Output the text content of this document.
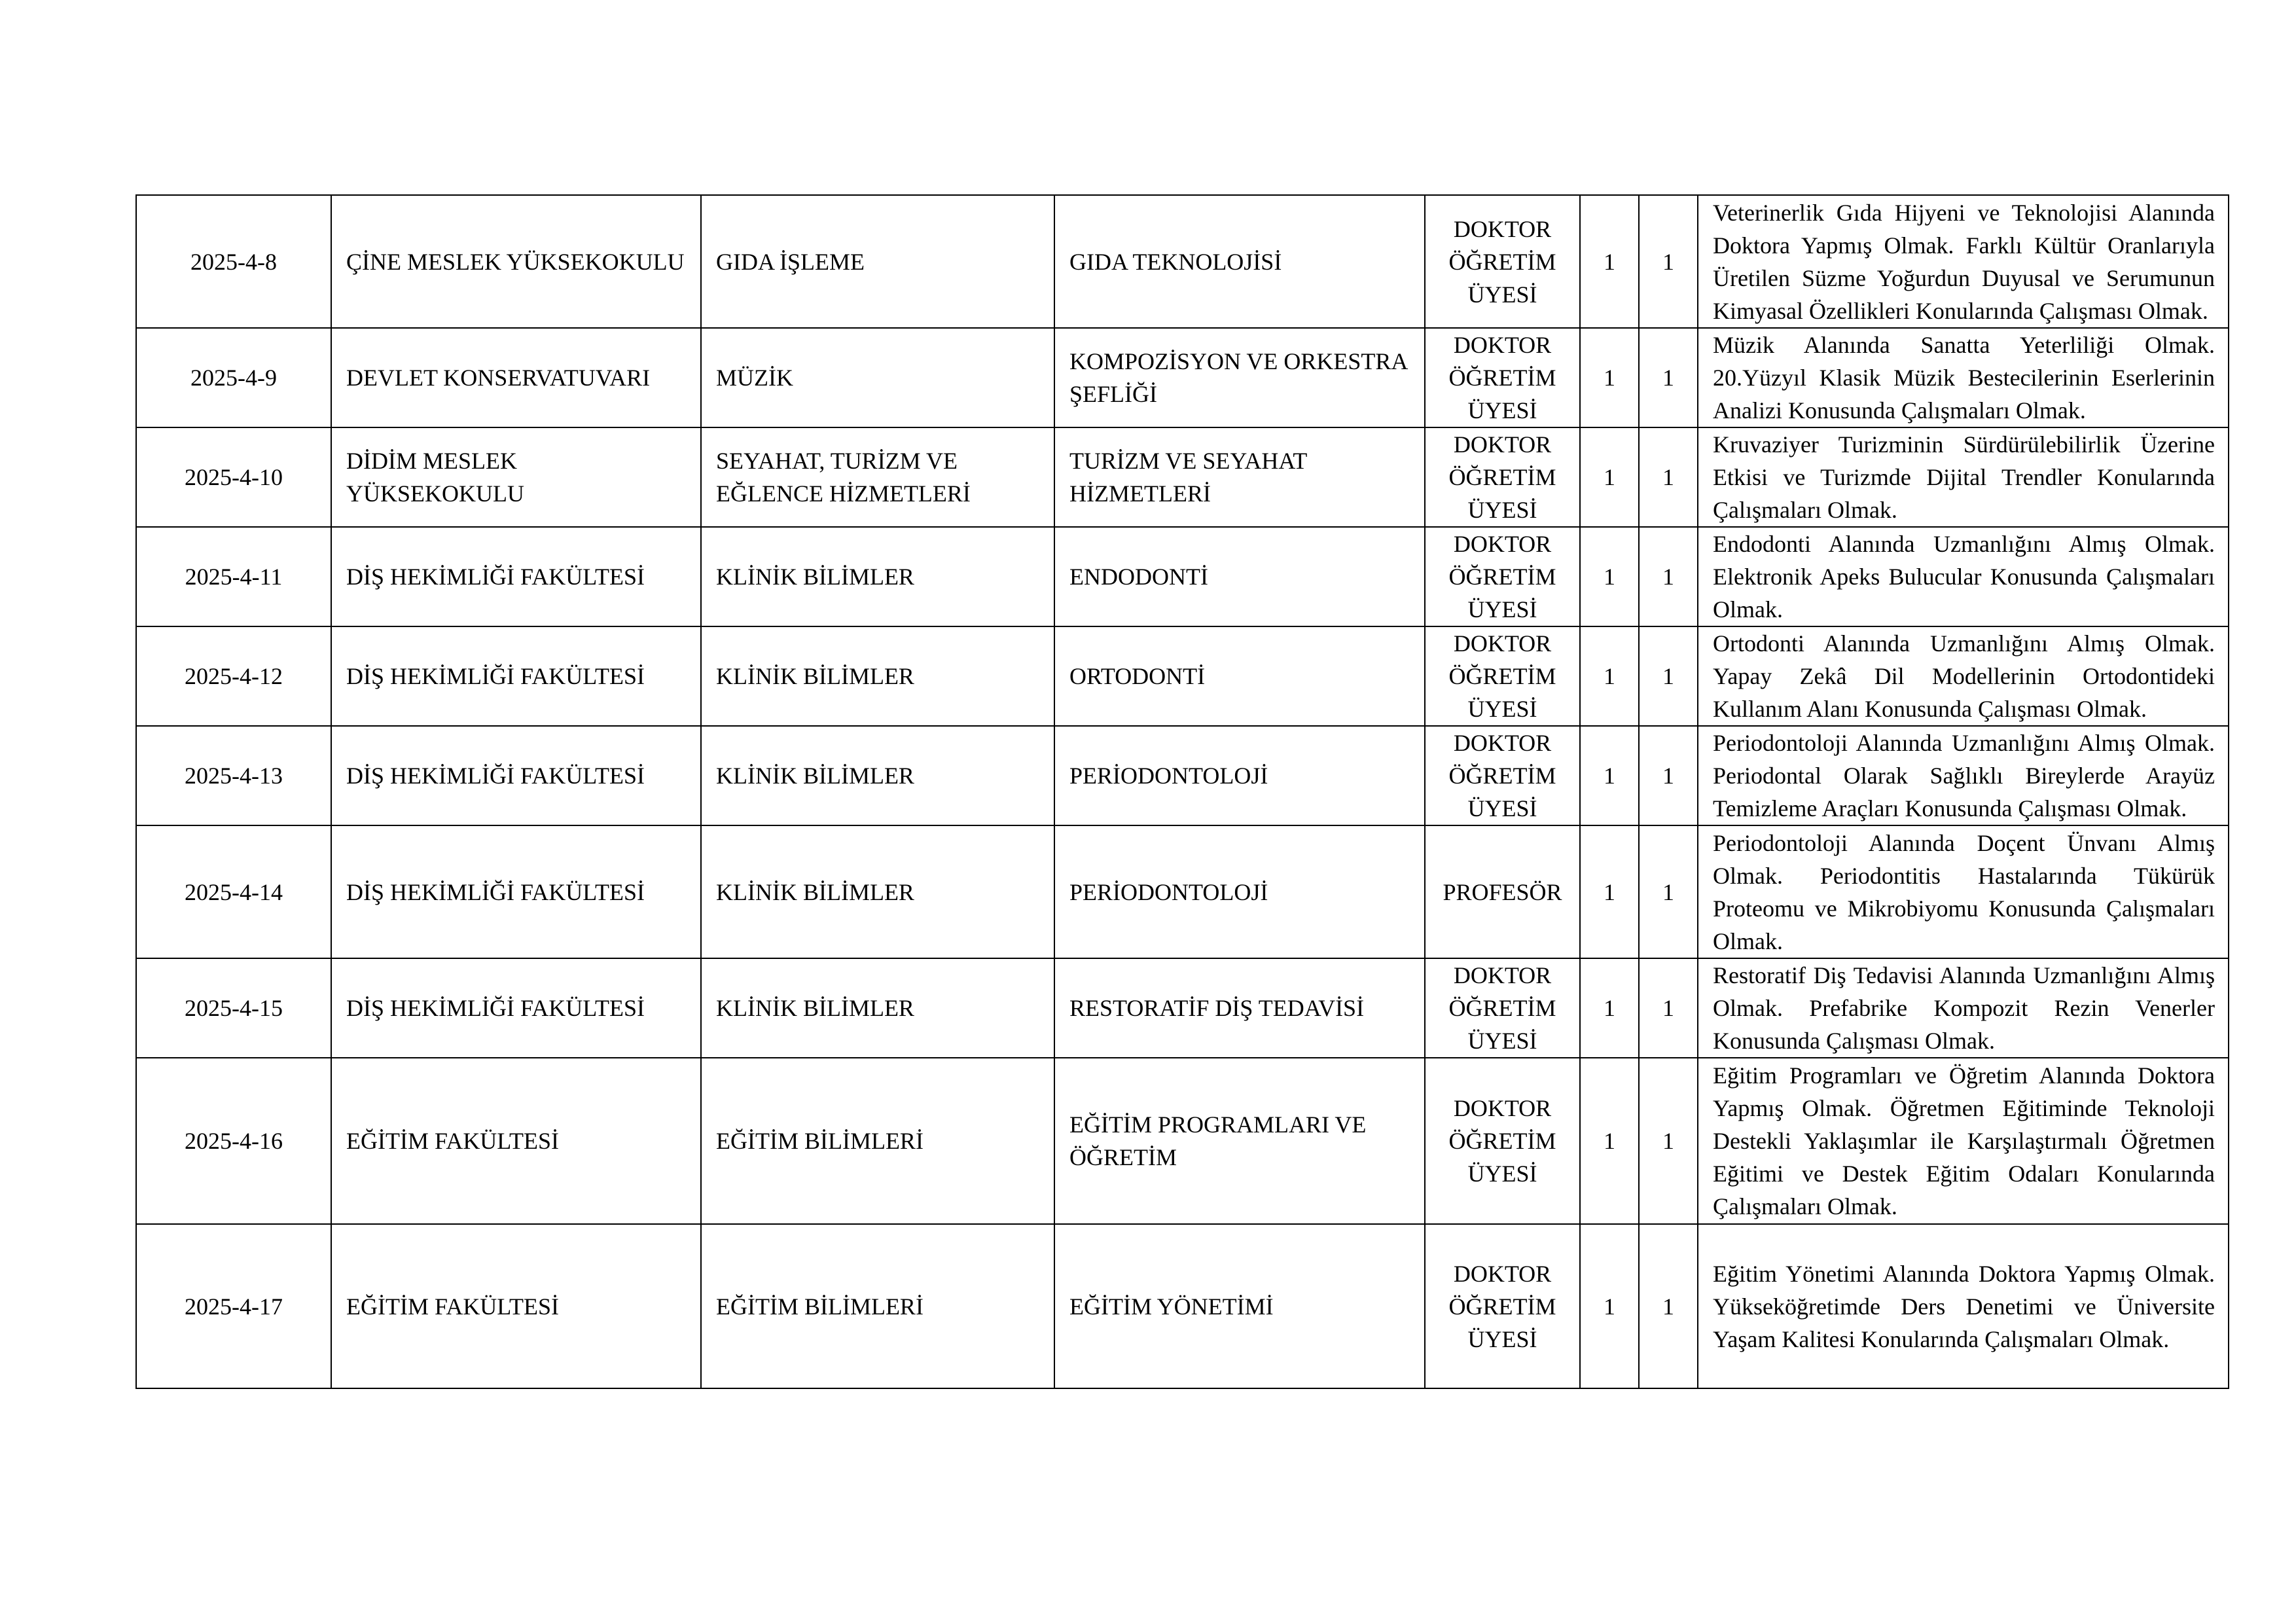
2025-4-8	ÇİNE MESLEK YÜKSEKOKULU	GIDA İŞLEME	GIDA TEKNOLOJİSİ	DOKTOR ÖĞRETİM ÜYESİ	1	1	Veterinerlik Gıda Hijyeni ve Teknolojisi Alanında Doktora Yapmış Olmak. Farklı Kültür Oranlarıyla Üretilen Süzme Yoğurdun Duyusal ve Serumunun Kimyasal Özellikleri Konularında Çalışması Olmak.
2025-4-9	DEVLET KONSERVATUVARI	MÜZİK	KOMPOZİSYON VE ORKESTRA ŞEFLİĞİ	DOKTOR ÖĞRETİM ÜYESİ	1	1	Müzik Alanında Sanatta Yeterliliği Olmak. 20.Yüzyıl Klasik Müzik Bestecilerinin Eserlerinin Analizi Konusunda Çalışmaları Olmak.
2025-4-10	DİDİM MESLEK YÜKSEKOKULU	SEYAHAT, TURİZM VE EĞLENCE HİZMETLERİ	TURİZM VE SEYAHAT HİZMETLERİ	DOKTOR ÖĞRETİM ÜYESİ	1	1	Kruvaziyer Turizminin Sürdürülebilirlik Üzerine Etkisi ve Turizmde Dijital Trendler Konularında Çalışmaları Olmak.
2025-4-11	DİŞ HEKİMLİĞİ FAKÜLTESİ	KLİNİK BİLİMLER	ENDODONTİ	DOKTOR ÖĞRETİM ÜYESİ	1	1	Endodonti Alanında Uzmanlığını Almış Olmak. Elektronik Apeks Bulucular Konusunda Çalışmaları Olmak.
2025-4-12	DİŞ HEKİMLİĞİ FAKÜLTESİ	KLİNİK BİLİMLER	ORTODONTİ	DOKTOR ÖĞRETİM ÜYESİ	1	1	Ortodonti Alanında Uzmanlığını Almış Olmak. Yapay Zekâ Dil Modellerinin Ortodontideki Kullanım Alanı Konusunda Çalışması Olmak.
2025-4-13	DİŞ HEKİMLİĞİ FAKÜLTESİ	KLİNİK BİLİMLER	PERİODONTOLOJİ	DOKTOR ÖĞRETİM ÜYESİ	1	1	Periodontoloji Alanında Uzmanlığını Almış Olmak. Periodontal Olarak Sağlıklı Bireylerde Arayüz Temizleme Araçları Konusunda Çalışması Olmak.
2025-4-14	DİŞ HEKİMLİĞİ FAKÜLTESİ	KLİNİK BİLİMLER	PERİODONTOLOJİ	PROFESÖR	1	1	Periodontoloji Alanında Doçent Ünvanı Almış Olmak. Periodontitis Hastalarında Tükürük Proteomu ve Mikrobiyomu Konusunda Çalışmaları Olmak.
2025-4-15	DİŞ HEKİMLİĞİ FAKÜLTESİ	KLİNİK BİLİMLER	RESTORATİF DİŞ TEDAVİSİ	DOKTOR ÖĞRETİM ÜYESİ	1	1	Restoratif Diş Tedavisi Alanında Uzmanlığını Almış Olmak. Prefabrike Kompozit Rezin Venerler Konusunda Çalışması Olmak.
2025-4-16	EĞİTİM FAKÜLTESİ	EĞİTİM BİLİMLERİ	EĞİTİM PROGRAMLARI VE ÖĞRETİM	DOKTOR ÖĞRETİM ÜYESİ	1	1	Eğitim Programları ve Öğretim Alanında Doktora Yapmış Olmak. Öğretmen Eğitiminde Teknoloji Destekli Yaklaşımlar ile Karşılaştırmalı Öğretmen Eğitimi ve Destek Eğitim Odaları Konularında Çalışmaları Olmak.
2025-4-17	EĞİTİM FAKÜLTESİ	EĞİTİM BİLİMLERİ	EĞİTİM YÖNETİMİ	DOKTOR ÖĞRETİM ÜYESİ	1	1	Eğitim Yönetimi Alanında Doktora Yapmış Olmak. Yükseköğretimde Ders Denetimi ve Üniversite Yaşam Kalitesi Konularında Çalışmaları Olmak.
